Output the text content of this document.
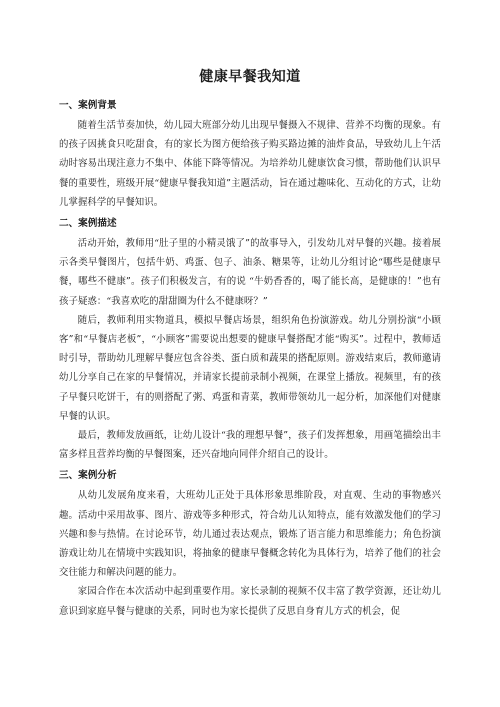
健康早餐我知道
一、案例背景

随着生活节奏加快，幼儿园大班部分幼儿出现早餐摄入不规律、营养不均衡的现象。有的孩子因挑食只吃甜食，有的家长为图方便给孩子购买路边摊的油炸食品，导致幼儿上午活动时容易出现注意力不集中、体能下降等情况。为培养幼儿健康饮食习惯，帮助他们认识早餐的重要性，班级开展“健康早餐我知道”主题活动，旨在通过趣味化、互动化的方式，让幼儿掌握科学的早餐知识。

二、案例描述

活动开始，教师用“肚子里的小精灵饿了”的故事导入，引发幼儿对早餐的兴趣。接着展示各类早餐图片，包括牛奶、鸡蛋、包子、油条、糖果等，让幼儿分组讨论“哪些是健康早餐，哪些不健康”。孩子们积极发言，有的说 “牛奶香香的，喝了能长高，是健康的！”也有孩子疑惑：“我喜欢吃的甜甜圈为什么不健康呀？”

随后，教师利用实物道具，模拟早餐店场景，组织角色扮演游戏。幼儿分别扮演“小顾客”和“早餐店老板”，“小顾客”需要说出想要的健康早餐搭配才能“购买”。过程中，教师适时引导，帮助幼儿理解早餐应包含谷类、蛋白质和蔬果的搭配原则。游戏结束后，教师邀请幼儿分享自己在家的早餐情况，并请家长提前录制小视频，在课堂上播放。视频里，有的孩子早餐只吃饼干，有的则搭配了粥、鸡蛋和青菜，教师带领幼儿一起分析，加深他们对健康早餐的认识。

最后，教师发放画纸，让幼儿设计“我的理想早餐”，孩子们发挥想象，用画笔描绘出丰富多样且营养均衡的早餐图案，还兴奋地向同伴介绍自己的设计。

三、案例分析

从幼儿发展角度来看，大班幼儿正处于具体形象思维阶段，对直观、生动的事物感兴趣。活动中采用故事、图片、游戏等多种形式，符合幼儿认知特点，能有效激发他们的学习兴趣和参与热情。在讨论环节，幼儿通过表达观点，锻炼了语言能力和思维能力；角色扮演游戏让幼儿在情境中实践知识，将抽象的健康早餐概念转化为具体行为，培养了他们的社会交往能力和解决问题的能力。

家园合作在本次活动中起到重要作用。家长录制的视频不仅丰富了教学资源，还让幼儿意识到家庭早餐与健康的关系，同时也为家长提供了反思自身育儿方式的机会，促
